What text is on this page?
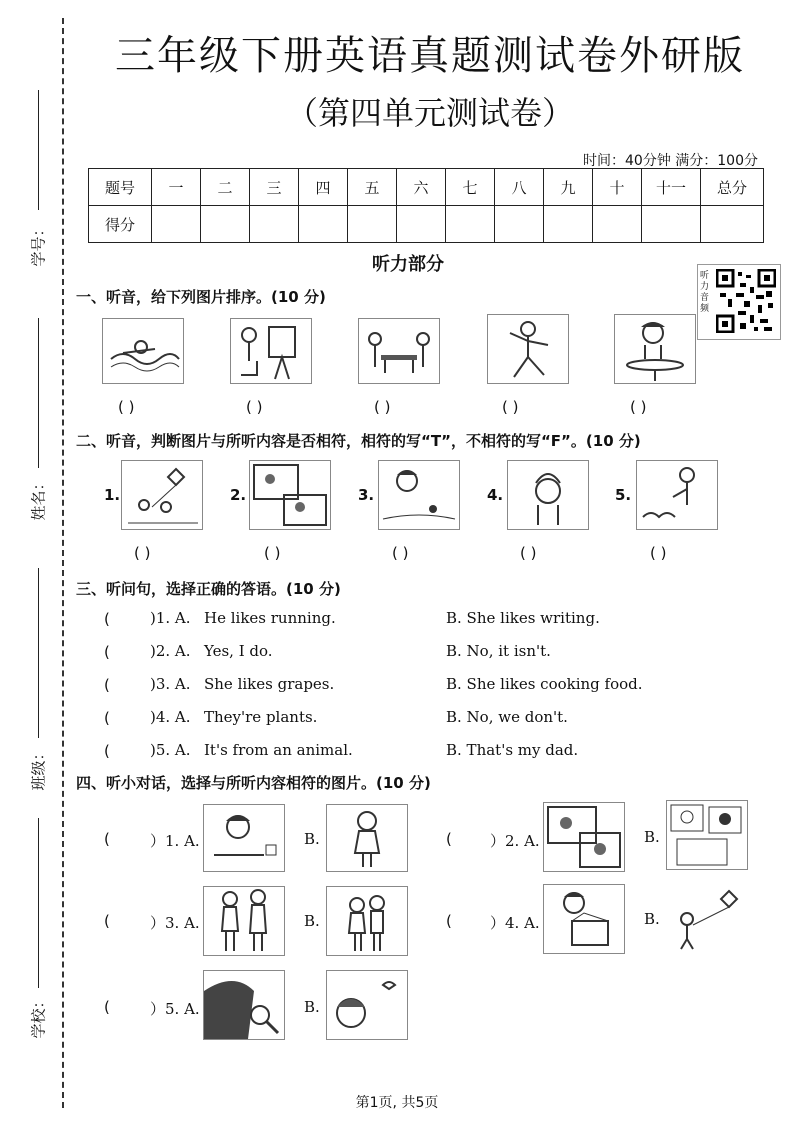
学号：
姓名：
班级：
学校：
三年级下册英语真题测试卷外研版
（第四单元测试卷）
时间：40分钟 满分：100分
题号	一	二	三	四	五	六	七	八	九	十	十一	总分
得分												
听力部分
听力音频
一、听音，给下列图片排序。(10 分)
( )	( )	( )	( )	( )
二、听音，判断图片与所听内容是否相符，相符的写“T”，不相符的写“F”。(10 分)
1.	2.	3.	4.	5.
( )	( )	( )	( )	( )
三、听问句，选择正确的答语。(10 分)
(	)1. A. He likes running.	B. She likes writing.
(	)2. A. Yes, I do.	B. No, it isn't.
(	)3. A. She likes grapes.	B. She likes cooking food.
(	)4. A. They're plants.	B. No, we don't.
(	)5. A. It's from an animal.	B. That's my dad.
四、听小对话，选择与所听内容相符的图片。(10 分)
(	）1. A.	B.	(	）2. A.	B.
(	）3. A.	B.	(	）4. A.	B.
(	）5. A.	B.
第1页, 共5页
